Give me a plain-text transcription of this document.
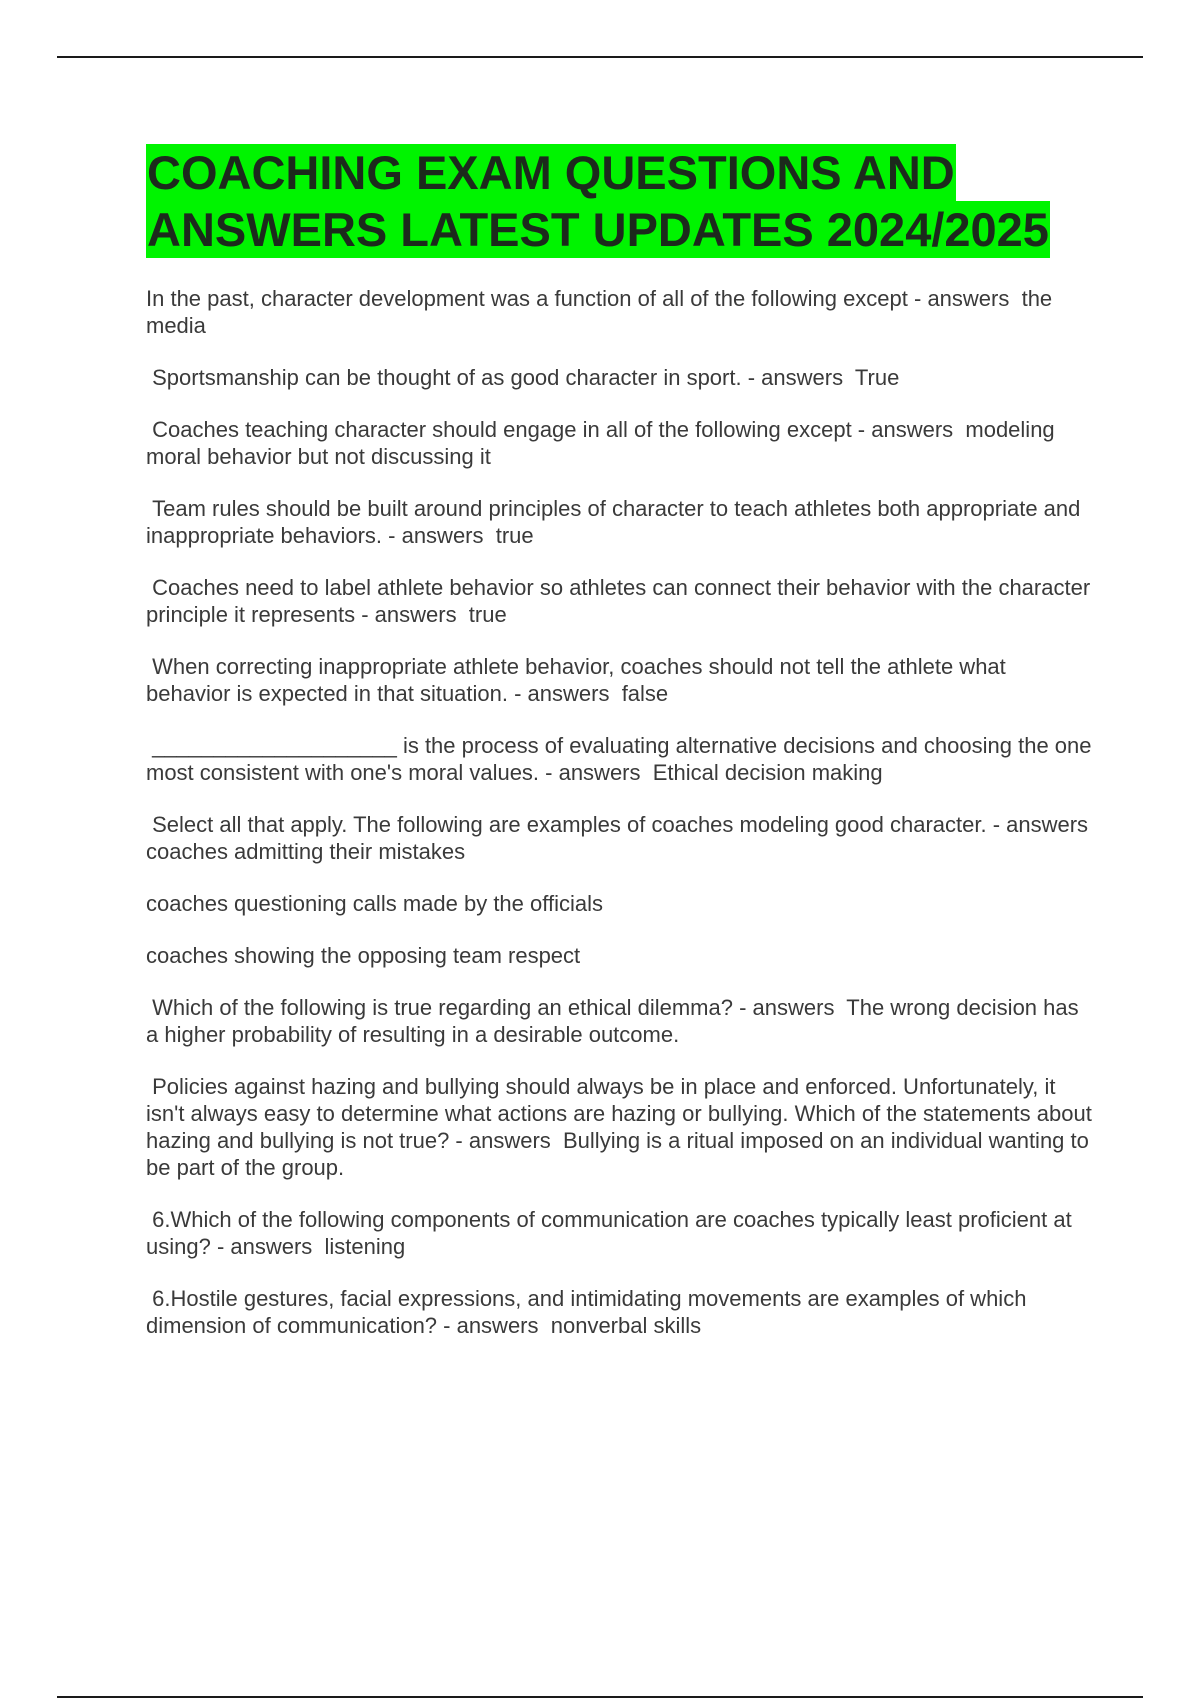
COACHING EXAM QUESTIONS AND
ANSWERS LATEST UPDATES 2024/2025

In the past, character development was a function of all of the following except - answers  the media

Sportsmanship can be thought of as good character in sport. - answers  True

Coaches teaching character should engage in all of the following except - answers  modeling moral behavior but not discussing it

Team rules should be built around principles of character to teach athletes both appropriate and inappropriate behaviors. - answers  true

Coaches need to label athlete behavior so athletes can connect their behavior with the character principle it represents - answers  true

When correcting inappropriate athlete behavior, coaches should not tell the athlete what behavior is expected in that situation. - answers  false

____________________ is the process of evaluating alternative decisions and choosing the one most consistent with one's moral values. - answers  Ethical decision making

Select all that apply. The following are examples of coaches modeling good character. - answers  coaches admitting their mistakes

coaches questioning calls made by the officials

coaches showing the opposing team respect

Which of the following is true regarding an ethical dilemma? - answers  The wrong decision has a higher probability of resulting in a desirable outcome.

Policies against hazing and bullying should always be in place and enforced. Unfortunately, it isn't always easy to determine what actions are hazing or bullying. Which of the statements about hazing and bullying is not true? - answers  Bullying is a ritual imposed on an individual wanting to be part of the group.

6.Which of the following components of communication are coaches typically least proficient at using? - answers  listening

6.Hostile gestures, facial expressions, and intimidating movements are examples of which dimension of communication? - answers  nonverbal skills
